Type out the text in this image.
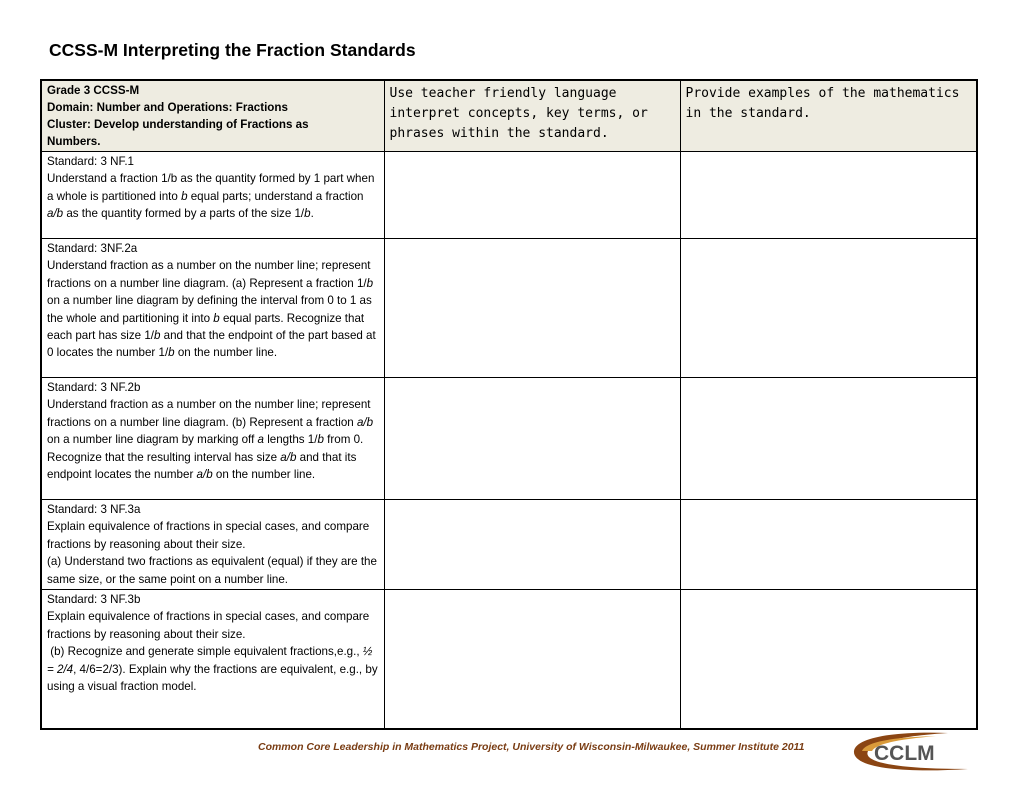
CCSS-M Interpreting the Fraction Standards
Grade 3 CCSS-M
Domain: Number and Operations: Fractions
Cluster: Develop understanding of Fractions as
Numbers.	Use teacher friendly language interpret concepts, key terms, or phrases within the standard.	Provide examples of the mathematics in the standard.

Standard: 3 NF.1
Understand a fraction 1/b as the quantity formed by 1 part when a whole is partitioned into b equal parts; understand a fraction a/b as the quantity formed by a parts of the size 1/b.		

Standard: 3NF.2a
Understand fraction as a number on the number line; represent fractions on a number line diagram. (a) Represent a fraction 1/b on a number line diagram by defining the interval from 0 to 1 as the whole and partitioning it into b equal parts. Recognize that each part has size 1/b and that the endpoint of the part based at 0 locates the number 1/b on the number line.		

Standard: 3 NF.2b
Understand fraction as a number on the number line; represent fractions on a number line diagram. (b) Represent a fraction a/b on a number line diagram by marking off a lengths 1/b from 0. Recognize that the resulting interval has size a/b and that its endpoint locates the number a/b on the number line.		

Standard: 3 NF.3a
Explain equivalence of fractions in special cases, and compare fractions by reasoning about their size.
(a) Understand two fractions as equivalent (equal) if they are the same size, or the same point on a number line.		

Standard: 3 NF.3b
Explain equivalence of fractions in special cases, and compare fractions by reasoning about their size.
(b) Recognize and generate simple equivalent fractions,e.g., ½ = 2/4, 4/6=2/3). Explain why the fractions are equivalent, e.g., by using a visual fraction model.		

Common Core Leadership in Mathematics Project, University of Wisconsin-Milwaukee, Summer Institute 2011	CCLM
